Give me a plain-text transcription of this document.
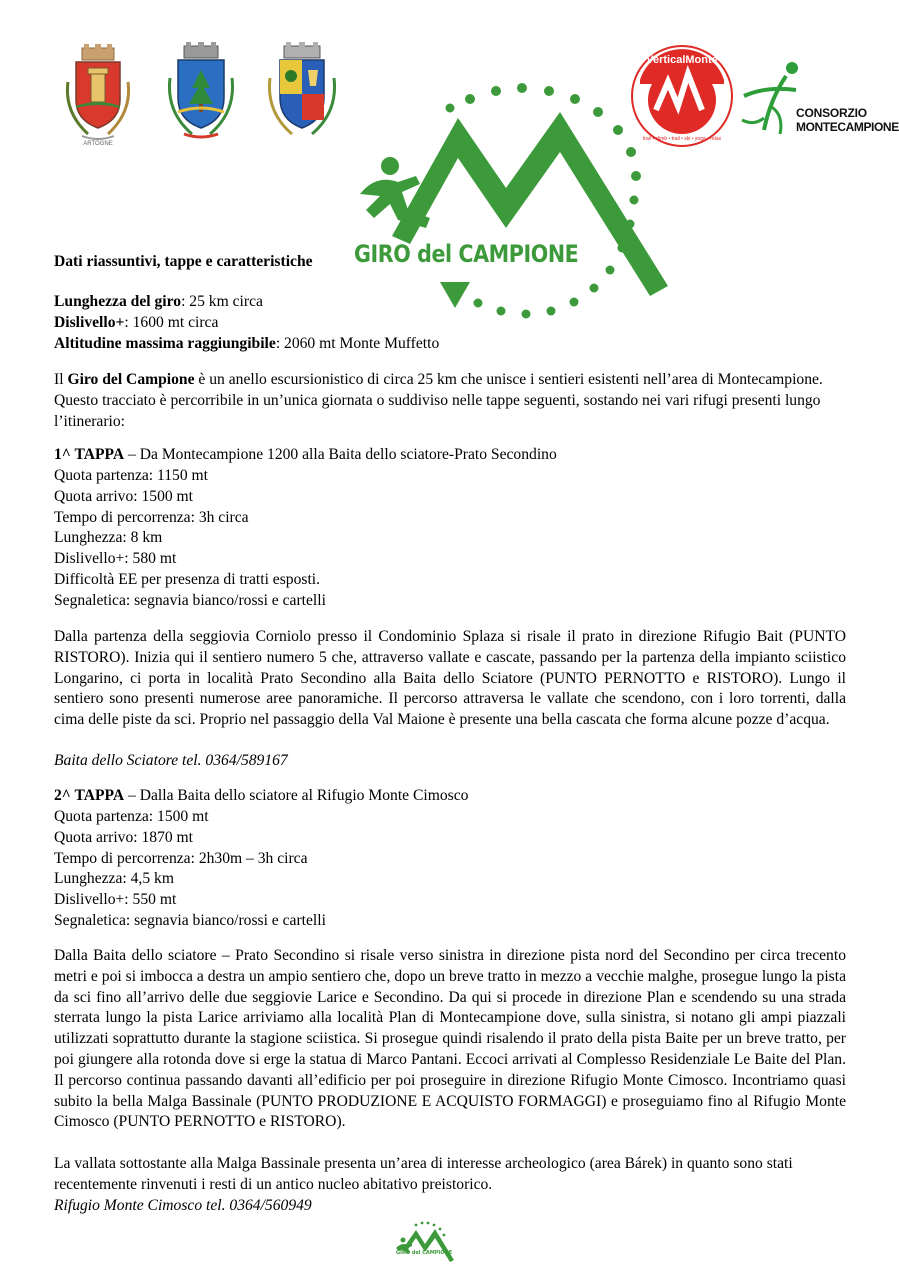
ARTOGNE
GIRO del CAMPIONE
VerticalMonte
trail • climb • trail • ski • yoga • relax
CONSORZIO
MONTECAMPIONE
Dati riassuntivi, tappe e caratteristiche
Lunghezza del giro: 25 km circa
Dislivello+: 1600 mt circa
Altitudine massima raggiungibile: 2060 mt Monte Muffetto
Il Giro del Campione è un anello escursionistico di circa 25 km che unisce i sentieri esistenti nell’area di Montecampione. Questo tracciato è percorribile in un’unica giornata o suddiviso nelle tappe seguenti, sostando nei vari rifugi presenti lungo l’itinerario:
1^ TAPPA – Da Montecampione 1200 alla Baita dello sciatore-Prato Secondino
Quota partenza: 1150 mt
Quota arrivo: 1500 mt
Tempo di percorrenza: 3h circa
Lunghezza: 8 km
Dislivello+: 580 mt
Difficoltà EE per presenza di tratti esposti.
Segnaletica: segnavia bianco/rossi e cartelli
Dalla partenza della seggiovia Corniolo presso il Condominio Splaza si risale il prato in direzione Rifugio Bait (PUNTO RISTORO). Inizia qui il sentiero numero 5 che, attraverso vallate e cascate, passando per la partenza della impianto sciistico Longarino, ci porta in località Prato Secondino alla Baita dello Sciatore (PUNTO PERNOTTO e RISTORO). Lungo il sentiero sono presenti numerose aree panoramiche. Il percorso attraversa le vallate che scendono, con i loro torrenti, dalla cima delle piste da sci. Proprio nel passaggio della Val Maione è presente una bella cascata che forma alcune pozze d’acqua.
Baita dello Sciatore tel. 0364/589167
2^ TAPPA – Dalla Baita dello sciatore al Rifugio Monte Cimosco
Quota partenza: 1500 mt
Quota arrivo: 1870 mt
Tempo di percorrenza: 2h30m – 3h circa
Lunghezza: 4,5 km
Dislivello+: 550 mt
Segnaletica: segnavia bianco/rossi e cartelli
Dalla Baita dello sciatore – Prato Secondino si risale verso sinistra in direzione pista nord del Secondino per circa trecento metri e poi si imbocca a destra un ampio sentiero che, dopo un breve tratto in mezzo a vecchie malghe, prosegue lungo la pista da sci fino all’arrivo delle due seggiovie Larice e Secondino. Da qui si procede in direzione Plan e scendendo su una strada sterrata lungo la pista Larice arriviamo alla località Plan di Montecampione dove, sulla sinistra, si notano gli ampi piazzali utilizzati soprattutto durante la stagione sciistica. Si prosegue quindi risalendo il prato della pista Baite per un breve tratto, per poi giungere alla rotonda dove si erge la statua di Marco Pantani. Eccoci arrivati al Complesso Residenziale Le Baite del Plan. Il percorso continua passando davanti all’edificio per poi proseguire in direzione Rifugio Monte Cimosco. Incontriamo quasi subito la bella Malga Bassinale (PUNTO PRODUZIONE E ACQUISTO FORMAGGI) e proseguiamo fino al Rifugio Monte Cimosco (PUNTO PERNOTTO e RISTORO).
La vallata sottostante alla Malga Bassinale presenta un’area di interesse archeologico (area Bárek) in quanto sono stati recentemente rinvenuti i resti di un antico nucleo abitativo preistorico.
Rifugio Monte Cimosco tel. 0364/560949
GIRO del CAMPIONE
